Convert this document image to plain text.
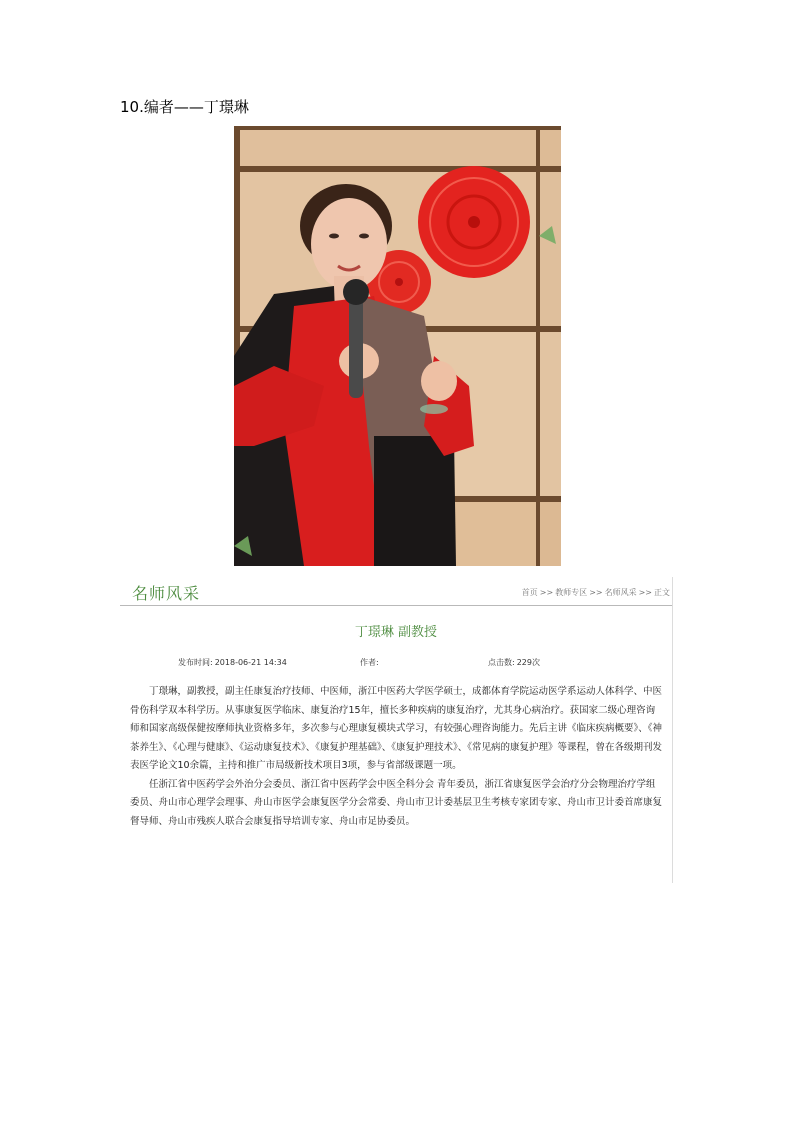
10.编者——丁璟琳
名师风采	首页 >> 教师专区 >> 名师风采 >> 正文
丁璟琳 副教授
发布时间: 2018-06-21 14:34	作者:	点击数: 229次

丁璟琳，副教授，副主任康复治疗技师、中医师，浙江中医药大学医学硕士，成都体育学院运动医学系运动人体科学、中医骨伤科学双本科学历。从事康复医学临床、康复治疗15年，擅长多种疾病的康复治疗，尤其身心病治疗。获国家二级心理咨询师和国家高级保健按摩师执业资格多年，多次参与心理康复模块式学习，有较强心理咨询能力。先后主讲《临床疾病概要》、《神茶养生》、《心理与健康》、《运动康复技术》、《康复护理基础》、《康复护理技术》、《常见病的康复护理》等课程，曾在各级期刊发表医学论文10余篇，主持和推广市局级新技术项目3项，参与省部级课题一项。

任浙江省中医药学会外治分会委员、浙江省中医药学会中医全科分会 青年委员，浙江省康复医学会治疗分会物理治疗学组委员、舟山市心理学会理事、舟山市医学会康复医学分会常委、舟山市卫计委基层卫生考核专家团专家、舟山市卫计委首席康复督导师、舟山市残疾人联合会康复指导培训专家、舟山市足协委员。
